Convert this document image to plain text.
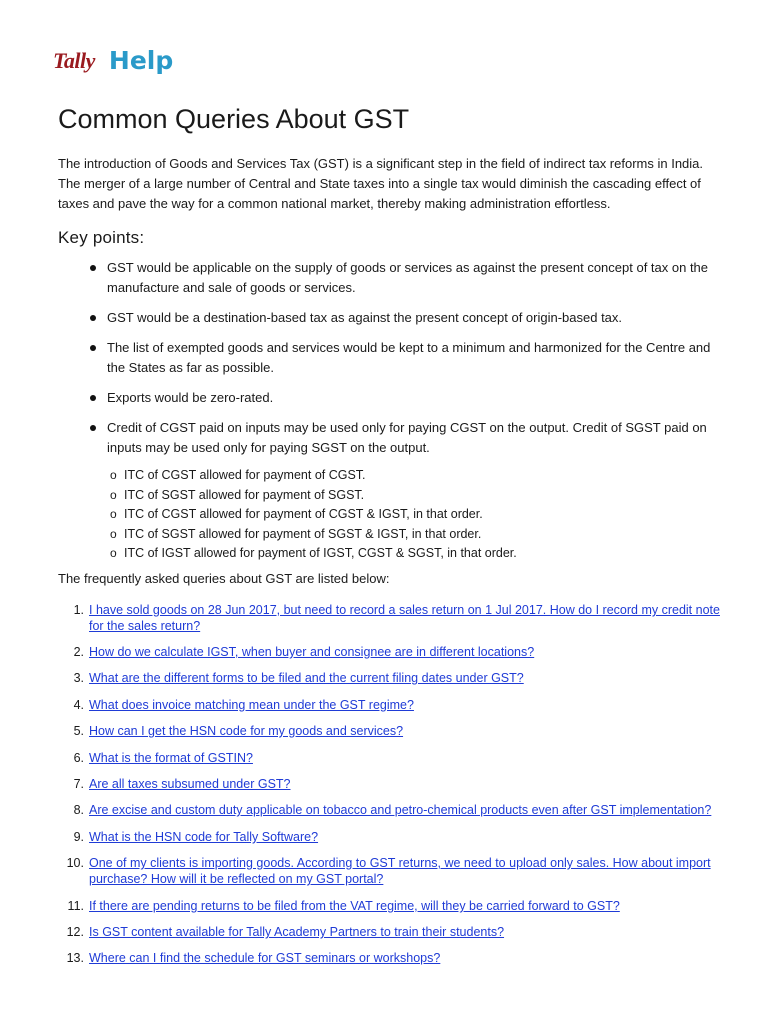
Tally Help
Common Queries About GST

The introduction of Goods and Services Tax (GST) is a significant step in the field of indirect tax reforms in India. The merger of a large number of Central and State taxes into a single tax would diminish the cascading effect of taxes and pave the way for a common national market, thereby making administration effortless.

Key points:
GST would be applicable on the supply of goods or services as against the present concept of tax on the manufacture and sale of goods or services.
GST would be a destination-based tax as against the present concept of origin-based tax.
The list of exempted goods and services would be kept to a minimum and harmonized for the Centre and the States as far as possible.
Exports would be zero-rated.
Credit of CGST paid on inputs may be used only for paying CGST on the output. Credit of SGST paid on inputs may be used only for paying SGST on the output.
o ITC of CGST allowed for payment of CGST.
o ITC of SGST allowed for payment of SGST.
o ITC of CGST allowed for payment of CGST & IGST, in that order.
o ITC of SGST allowed for payment of SGST & IGST, in that order.
o ITC of IGST allowed for payment of IGST, CGST & SGST, in that order.

The frequently asked queries about GST are listed below:

1. I have sold goods on 28 Jun 2017, but need to record a sales return on 1 Jul 2017. How do I record my credit note for the sales return?
2. How do we calculate IGST, when buyer and consignee are in different locations?
3. What are the different forms to be filed and the current filing dates under GST?
4. What does invoice matching mean under the GST regime?
5. How can I get the HSN code for my goods and services?
6. What is the format of GSTIN?
7. Are all taxes subsumed under GST?
8. Are excise and custom duty applicable on tobacco and petro-chemical products even after GST implementation?
9. What is the HSN code for Tally Software?
10. One of my clients is importing goods. According to GST returns, we need to upload only sales. How about import purchase? How will it be reflected on my GST portal?
11. If there are pending returns to be filed from the VAT regime, will they be carried forward to GST?
12. Is GST content available for Tally Academy Partners to train their students?
13. Where can I find the schedule for GST seminars or workshops?
